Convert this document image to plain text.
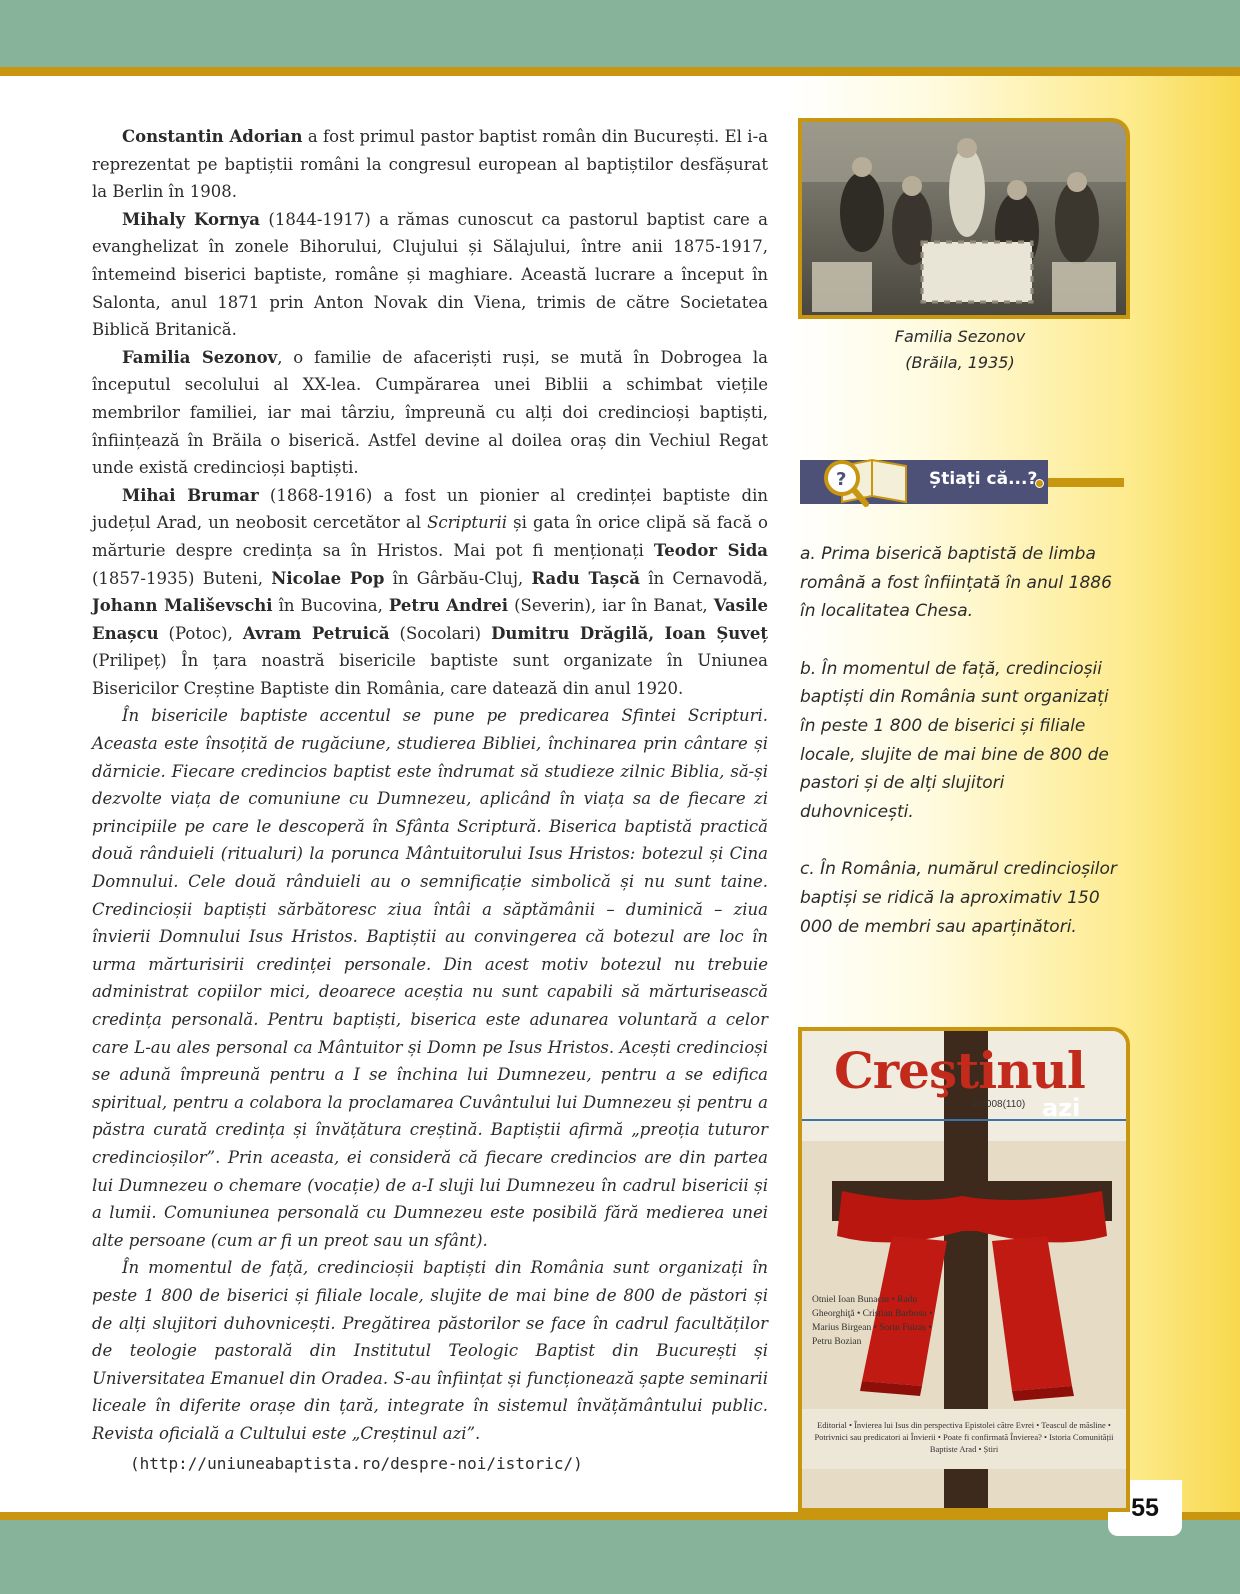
55

Constantin Adorian a fost primul pastor baptist român din București. El i-a reprezentat pe baptiștii români la congresul european al baptiștilor desfășurat la Berlin în 1908.

Mihaly Kornya (1844-1917) a rămas cunoscut ca pastorul baptist care a evanghelizat în zonele Bihorului, Clujului și Sălajului, între anii 1875-1917, întemeind biserici baptiste, române și maghiare. Această lucrare a început în Salonta, anul 1871 prin Anton Novak din Viena, trimis de către Societatea Biblică Britanică.

Familia Sezonov, o familie de afaceriști ruși, se mută în Dobrogea la începutul secolului al XX-lea. Cumpărarea unei Biblii a schimbat viețile membrilor familiei, iar mai târziu, împreună cu alți doi credincioși baptiști, înființează în Brăila o biserică. Astfel devine al doilea oraș din Vechiul Regat unde există credincioși baptiști.

Mihai Brumar (1868-1916) a fost un pionier al credinței baptiste din județul Arad, un neobosit cercetător al Scripturii și gata în orice clipă să facă o mărturie despre credința sa în Hristos. Mai pot fi menționați Teodor Sida (1857-1935) Buteni, Nicolae Pop în Gârbău-Cluj, Radu Tașcă în Cernavodă, Johann Mališevschi în Bucovina, Petru Andrei (Severin), iar în Banat, Vasile Enașcu (Potoc), Avram Petruică (Socolari) Dumitru Drăgilă, Ioan Șuveț (Prilipeț) În țara noastră bisericile baptiste sunt organizate în Uniunea Bisericilor Creștine Baptiste din România, care datează din anul 1920.

În bisericile baptiste accentul se pune pe predicarea Sfintei Scripturi. Aceasta este însoțită de rugăciune, studierea Bibliei, închinarea prin cântare și dărnicie. Fiecare credincios baptist este îndrumat să studieze zilnic Biblia, să-și dezvolte viața de comuniune cu Dumnezeu, aplicând în viața sa de fiecare zi principiile pe care le descoperă în Sfânta Scriptură. Biserica baptistă practică două rânduieli (ritualuri) la porunca Mântuitorului Isus Hristos: botezul și Cina Domnului. Cele două rânduieli au o semnificație simbolică și nu sunt taine. Credincioșii baptiști sărbătoresc ziua întâi a săptămânii – duminică – ziua învierii Domnului Isus Hristos. Baptiștii au convingerea că botezul are loc în urma mărturisirii credinței personale. Din acest motiv botezul nu trebuie administrat copiilor mici, deoarece aceștia nu sunt capabili să mărturisească credința personală. Pentru baptiști, biserica este adunarea voluntară a celor care L-au ales personal ca Mântuitor și Domn pe Isus Hristos. Acești credincioși se adună împreună pentru a I se închina lui Dumnezeu, pentru a se edifica spiritual, pentru a colabora la proclamarea Cuvântului lui Dumnezeu și pentru a păstra curată credința și învățătura creștină. Baptiștii afirmă „preoția tuturor credincioșilor”. Prin aceasta, ei consideră că fiecare credincios are din partea lui Dumnezeu o chemare (vocație) de a-I sluji lui Dumnezeu în cadrul bisericii și a lumii. Comuniunea personală cu Dumnezeu este posibilă fără medierea unei alte persoane (cum ar fi un preot sau un sfânt).

În momentul de față, credincioșii baptiști din România sunt organizați în peste 1 800 de biserici și filiale locale, slujite de mai bine de 800 de păstori și de alți slujitori duhovnicești. Pregătirea păstorilor se face în cadrul facultăților de teologie pastorală din Institutul Teologic Baptist din București și Universitatea Emanuel din Oradea. S-au înființat și funcționează șapte seminarii liceale în diferite orașe din țară, integrate în sistemul învățământului public. Revista oficială a Cultului este „Creștinul azi”.

(http://uniuneabaptista.ro/despre-noi/istoric/)
Familia Sezonov
(Brăila, 1935)
?	Știați că...?

a. Prima biserică baptistă de limba română a fost înființată în anul 1886 în localitatea Chesa.

b. În momentul de față, credincioșii baptiști din România sunt organizați în peste 1 800 de biserici și filiale locale, slujite de mai bine de 800 de pastori și de alți slujitori duhovnicești.

c. În România, numărul credincioșilor baptiși se ridică la aproximativ 150 000 de membri sau aparținători.

Creştinul
2/2008(110) azi
Otniel Ioan Bunaciu • Radu Gheorghiţă • Cristian Barbosu • Marius Birgean • Sorin Fuiraș • Petru Bozian
Editorial • Învierea lui Isus din perspectiva Epistolei către Evrei • Teascul de măsline • Potrivnici sau predicatori ai Învierii • Poate fi confirmată Învierea? • Istoria Comunității Baptiste Arad • Știri
